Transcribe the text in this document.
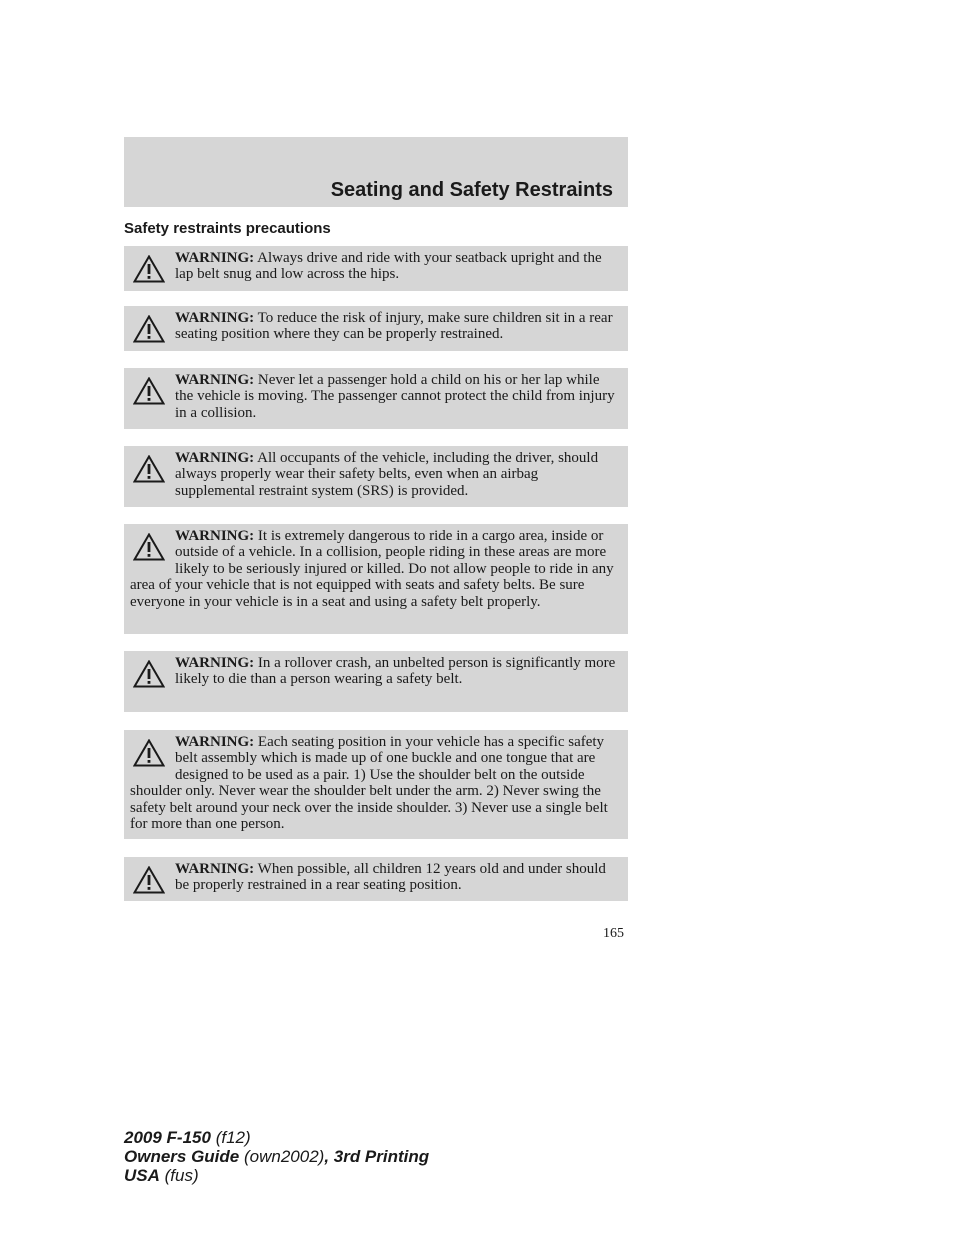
Seating and Safety Restraints
Safety restraints precautions

WARNING: Always drive and ride with your seatback upright and the lap belt snug and low across the hips.

WARNING: To reduce the risk of injury, make sure children sit in a rear seating position where they can be properly restrained.

WARNING: Never let a passenger hold a child on his or her lap while the vehicle is moving. The passenger cannot protect the child from injury in a collision.

WARNING: All occupants of the vehicle, including the driver, should always properly wear their safety belts, even when an airbag supplemental restraint system (SRS) is provided.

WARNING: It is extremely dangerous to ride in a cargo area, inside or outside of a vehicle. In a collision, people riding in these areas are more likely to be seriously injured or killed. Do not allow people to ride in any area of your vehicle that is not equipped with seats and safety belts. Be sure everyone in your vehicle is in a seat and using a safety belt properly.

WARNING: In a rollover crash, an unbelted person is significantly more likely to die than a person wearing a safety belt.

WARNING: Each seating position in your vehicle has a specific safety belt assembly which is made up of one buckle and one tongue that are designed to be used as a pair. 1) Use the shoulder belt on the outside shoulder only. Never wear the shoulder belt under the arm. 2) Never swing the safety belt around your neck over the inside shoulder. 3) Never use a single belt for more than one person.

WARNING: When possible, all children 12 years old and under should be properly restrained in a rear seating position.

165
2009 F-150 (f12)
Owners Guide (own2002), 3rd Printing
USA (fus)
